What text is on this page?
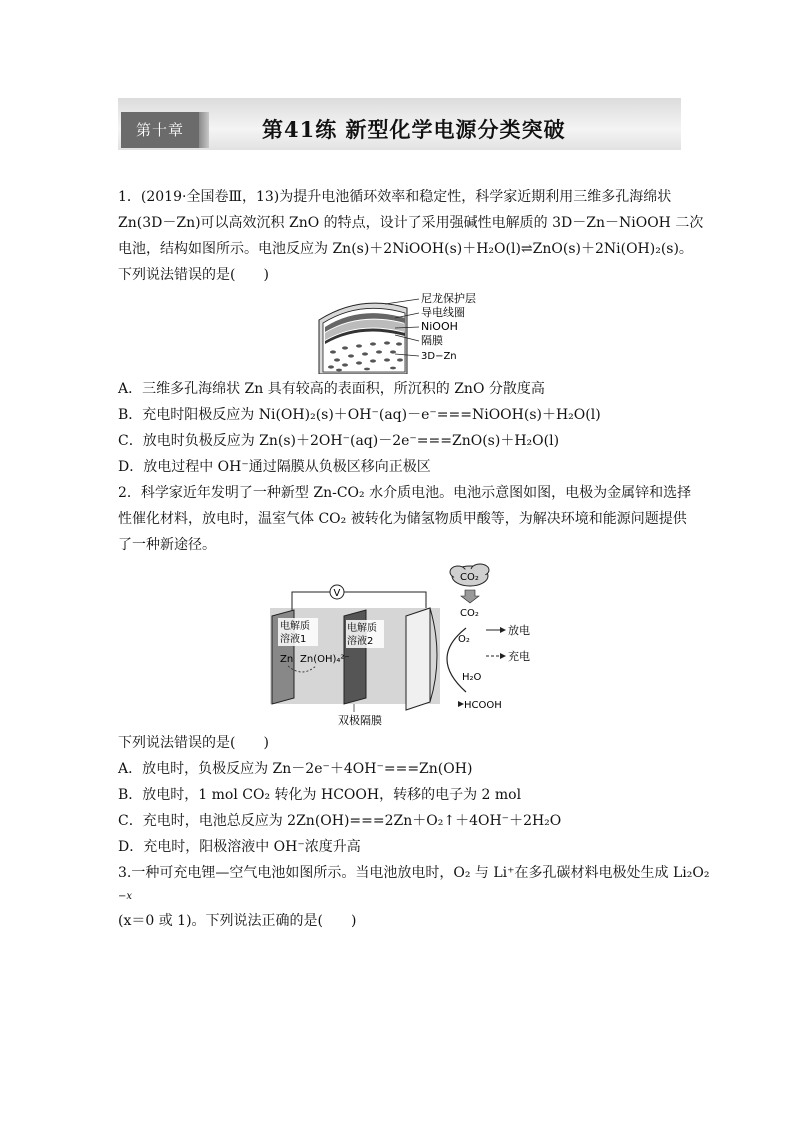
第十章	第41练 新型化学电源分类突破
1．(2019·全国卷Ⅲ，13)为提升电池循环效率和稳定性，科学家近期利用三维多孔海绵状
Zn(3D－Zn)可以高效沉积 ZnO 的特点，设计了采用强碱性电解质的 3D－Zn－NiOOH 二次
电池，结构如图所示。电池反应为 Zn(s)＋2NiOOH(s)＋H₂O(l)⇌ZnO(s)＋2Ni(OH)₂(s)。
下列说法错误的是(　　)
尼龙保护层
导电线圈
NiOOH
隔膜
3D−Zn
A．三维多孔海绵状 Zn 具有较高的表面积，所沉积的 ZnO 分散度高
B．充电时阳极反应为 Ni(OH)₂(s)＋OH⁻(aq)－e⁻===NiOOH(s)＋H₂O(l)
C．放电时负极反应为 Zn(s)＋2OH⁻(aq)－2e⁻===ZnO(s)＋H₂O(l)
D．放电过程中 OH⁻通过隔膜从负极区移向正极区
2．科学家近年发明了一种新型 Zn-CO₂ 水介质电池。电池示意图如图，电极为金属锌和选择
性催化材料，放电时，温室气体 CO₂ 被转化为储氢物质甲酸等，为解决环境和能源问题提供
了一种新途径。
V
电解质
溶液1
电解质
溶液2
Zn Zn(OH)₄²⁻
CO₂
CO₂
O₂
放电
充电
H₂O
HCOOH
双极隔膜
下列说法错误的是(　　)
A．放电时，负极反应为 Zn－2e⁻＋4OH⁻===Zn(OH)
B．放电时，1 mol CO₂ 转化为 HCOOH，转移的电子为 2 mol
C．充电时，电池总反应为 2Zn(OH)===2Zn＋O₂↑＋4OH⁻＋2H₂O
D．充电时，阳极溶液中 OH⁻浓度升高
3.一种可充电锂—空气电池如图所示。当电池放电时，O₂ 与 Li⁺在多孔碳材料电极处生成 Li₂O₂
−x
(x＝0 或 1)。下列说法正确的是(　　)
